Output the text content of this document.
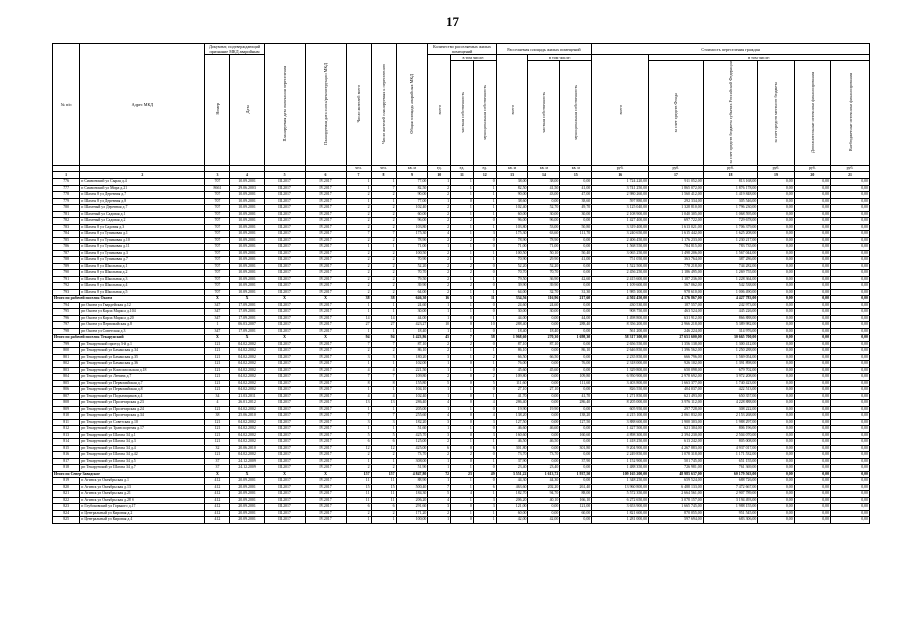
17
№ п/п	Адрес МКД	Документ, подтверждающий признание МКД аварийным		Планируемая дата окончания переселения	Планируемая дата сноса/реконструкции МКД	Число жителей всего	Число жителей планируемых к переселению	Общая площадь аварийных МКД	Количество расселяемых жилых помещений			Расселяемая площадь жилых помещений			Стоимость переселения граждан					
		Номер	Дата						всего	в том числе:		всего	в том числе:		всего	в том числе:				
										частная собственность	муниципальная собственность		частная собственность	муниципальная собственность		за счет средств Фонда	за счет средств бюджета субъекта Российской Федерации	за счет средств местного бюджета	Дополнительные источники финансирования	Внебюджетные источники финансирования
						чел.	чел.	кв. м	ед.	ед.	ед.	кв. м	кв. м	кв. м	руб.	руб.	руб.	руб.	руб.	руб.
1	2	3	4	5	6	7	8	9	10	11	12	13	14	15	16	17	18	19	20	21
776	п Сиявонский ул Сырая д.4	707	10.09.2001	III.2017	IV.2017	1	1	77,00	1	1	0	38,00	38,00	0,00	1 724 220,00	911 052,00	813 168,00	0,00	0,00	0,00
777	п Сиявонский ул Мира д.21	8661	29.06.2003	III.2017	IV.2017	1	7	82,50	2	1	1	82,50	41,50	41,00	3 741 250,00	1 865 072,00	1 876 178,00	0,00	0,00	0,00
778	п Шахты 8 ул Деревная д.7	707	10.09.2001	III.2017	IV.2017	2	2	90,00	2	1	1	90,00	43,00	47,00	2 980 260,00	1 560 412,00	1 419 848,00	0,00	0,00	0,00
779	п Шахты 8 ул Деревная д.8	707	10.09.2001	III.2017	IV.2017	1	1	77,00	1	0	1	38,60	0,00	38,60	597 880,00	292 334,00	305 546,00	0,00	0,00	0,00
780	п Шахтный ул Деревная д.7	707	10.09.2001	III.2017	IV.2017	2	2	102,40	2	1	1	102,40	52,70	49,70	3 125 040,00	1 328 810,00	1 796 230,00	0,00	0,00	0,00
781	п Шахтный ул Садовая д.1	707	10.09.2001	III.2017	IV.2017	2	2	60,00	2	1	1	60,00	30,00	30,00	2 108 900,00	1 040 305,00	1 068 595,00	0,00	0,00	0,00
782	п Шахтный ул Садовая д.2	707	10.09.2001	III.2017	IV.2017	2	2	96,00	2	2	0	96,00	96,00	0,00	1 427 400,00	697 722,00	729 678,00	0,00	0,00	0,00
783	п Шахты 8 ул Садовая д.3	707	10.09.2001	III.2017	IV.2017	2	2	103,80	2	1	1	103,80	53,00	50,80	3 319 400,00	1 613 021,00	1 706 379,00	0,00	0,00	0,00
784	п Шахты 8 ул Тупиковая д.1	707	10.09.2001	III.2017	IV.2017	7	7	175,30	4	1	3	175,30	63,60	111,70	3 240 650,00	1 615 442,00	1 625 208,00	0,00	0,00	0,00
785	п Шахты 8 ул Тупиковая д.10	707	10.09.2001	III.2017	IV.2017	2	2	78,90	2	2	0	78,90	78,90	0,00	2 406 450,00	1 176 233,00	1 230 217,00	0,00	0,00	0,00
786	п Шахты 8 ул Тупиковая д.11	707	10.09.2001	III.2017	IV.2017	1	1	71,00	1	1	0	71,00	71,00	0,00	1 568 550,00	784 815,00	783 735,00	0,00	0,00	0,00
787	п Шахты 8 ул Тупиковая д.3	707	10.09.2001	III.2017	IV.2017	2	2	100,50	2	1	1	100,50	50,10	50,40	3 065 250,00	1 498 206,00	1 567 044,00	0,00	0,00	0,00
788	п Шахты 8 ул Тупиковая д.7	707	10.09.2001	III.2017	IV.2017	2	2	70,90	2	1	1	70,90	29,90	41,00	751 050,00	363 764,00	387 286,00	0,00	0,00	0,00
789	п Шахты 8 ул Школьная д.1	707	10.09.2001	III.2017	IV.2017	2	2	52,20	2	2	0	52,20	52,20	0,00	1 522 500,00	778 218,00	744 282,00	0,00	0,00	0,00
790	п Шахты 8 ул Школьная д.2	707	10.09.2001	III.2017	IV.2017	2	2	70,70	2	2	0	70,70	70,70	0,00	2 456 250,00	1 186 495,00	1 269 755,00	0,00	0,00	0,00
791	п Шахты 8 ул Школьная д.3	707	10.09.2001	III.2017	IV.2017	2	2	79,50	2	1	1	79,50	36,90	42,60	2 415 600,00	1 187 236,00	1 228 364,00	0,00	0,00	0,00
792	п Шахты 8 ул Школьная д.4	707	10.09.2001	III.2017	IV.2017	2	2	39,90	2	2	0	39,90	39,90	0,00	1 109 600,00	567 062,00	542 538,00	0,00	0,00	0,00
793	п Шахты 8 ул Школьная д.5	707	10.09.2001	III.2017	IV.2017	2	2	64,00	2	1	1	64,00	32,70	31,30	1 985 100,00	978 610,00	1 006 490,00	0,00	0,00	0,00
Итого по рабочей поселок Окоем		X	X	X	X	38	38	646,30	16	5	11	334,56	116,96	217,60	4 502 450,00	4 176 867,00	4 427 783,00	0,00	0,00	0,00
794	рп Окоем ул Гвардейская д.12	347	17.09.2001	III.2017	IV.2017	1	1	24,60	1	1	0	24,60	24,60	0,00	430 530,00	187 557,00	242 973,00	0,00	0,00	0,00
795	рп Окоем ул Карла Маркса д.104	347	17.09.2001	III.2017	IV.2017	1	1	30,00	1	1	0	30,00	30,00	0,00	908 750,00	463 524,00	445 226,00	0,00	0,00	0,00
796	рп Окоем ул Карла Маркса д.20	347	17.09.2001	III.2017	IV.2017	14	14	44,00	1	0	1	44,00	0,00	44,00	1 498 800,00	631 912,00	866 888,00	0,00	0,00	0,00
797	рп Окоем ул Первомайская д.8	1	06.03.2007	III.2017	IV.2017	27	27	423,27	10	0	10	288,40	0,00	288,40	8 356 200,00	2 966 218,00	5 389 982,00	0,00	0,00	0,00
798	рп Окоем ул Советская д.3	347	17.09.2001	III.2017	IV.2017	1	1	18,40	1	1	0	18,40	18,40	0,00	561 200,00	246 224,00	314 976,00	0,00	0,00	0,00
Итого по рабочей поселок Текарунский		X	X	X	X	94	94	1 423,86	45	7	38	1 968,60	270,30	1 698,30	58 317 300,00	27 651 600,00	30 665 700,00	0,00	0,00	0,00
799	рп Текарунский проезд 3-й д.1	121	04.02.2002	III.2017	IV.2017	7	7	87,10	2	2	0	87,10	87,10	0,00	2 656 550,00	1 356 138,00	1 300 412,00	0,00	0,00	0,00
800	рп Текарунский ул Бамакская д.34	121	04.02.2002	III.2017	IV.2017	2	2	86,10	2	1	1	86,10	0,00	86,10	2 646 850,00	1 396 562,00	1 250 288,00	0,00	0,00	0,00
801	рп Текарунский ул Бамакская д.35	121	04.02.2002	III.2017	IV.2017	3	3	180,20	3	1	2	66,50	66,50	0,00	2 235 850,00	666 796,00	1 569 054,00	0,00	0,00	0,00
802	рп Текарунский ул Бамакская д.36	121	04.02.2002	III.2017	IV.2017	1	1	102,00	1	0	1	76,00	0,00	76,00	2 318 000,00	926 102,00	1 391 898,00	0,00	0,00	0,00
803	рп Текарунский ул Комсомольская д.18	121	04.02.2002	III.2017	IV.2017	4	4	221,50	1	1	0	45,60	45,60	0,00	1 329 800,00	650 098,00	679 702,00	0,00	0,00	0,00
804	рп Текарунский ул Ленина д.7	121	04.02.2002	III.2017	IV.2017	7	7	109,80	2	0	2	109,80	0,00	109,80	6 950 900,00	2 978 692,00	3 972 208,00	0,00	0,00	0,00
805	рп Текарунский ул Первомайская д.7	121	04.02.2002	III.2017	IV.2017	8	8	155,80	5	0	5	111,60	0,00	111,60	3 403 800,00	1 663 377,00	1 740 423,00	0,00	0,00	0,00
806	рп Текарунский ул Первомайская д.8	121	04.02.2002	III.2017	IV.2017	1	1	104,10	1	1	0	27,10	27,10	0,00	826 550,00	404 037,00	422 513,00	0,00	0,00	0,00
807	рп Текарунский ул Подъемщиков д.4	34	21.03.2011	III.2017	IV.2017	4	4	102,40	1	0	1	41,70	0,00	41,70	1 271 850,00	621 493,00	650 357,00	0,00	0,00	0,00
808	рп Текарунский ул Пролетарская д.23	4	26.01.2012	III.2017	IV.2017	13	13	286,40	4	0	4	286,40	0,00	286,40	8 205 000,00	3 976 112,00	4 228 888,00	0,00	0,00	0,00
809	рп Текарунский ул Пролетарская д.24	121	04.02.2002	III.2017	IV.2017	1	1	205,00	1	1	0	19,90	19,90	0,00	605 950,00	297 728,00	308 222,00	0,00	0,00	0,00
810	рп Текарунский ул Пролетарская д.34	38	25.06.2010	III.2017	IV.2017	7	7	255,60	4	0	4	138,20	0,00	138,20	4 215 100,00	2 061 832,00	2 153 268,00	0,00	0,00	0,00
811	рп Текарунский ул Советская д.10	121	04.02.2002	III.2017	IV.2017	3	3	182,20	3	0	3	127,50	0,00	127,50	3 888 600,00	1 900 303,00	1 988 297,00	0,00	0,00	0,00
812	рп Текарунский ул Транспортная д.17	121	04.02.2002	III.2017	IV.2017	1	1	51,60	1	1	0	46,60	46,60	0,00	1 427 500,00	621 304,00	806 196,00	0,00	0,00	0,00
813	рп Текарунский ул Шахты 34 д.1	121	04.02.2002	III.2017	IV.2017	5	5	425,70	3	0	3	160,60	0,00	160,60	4 898 300,00	2 394 230,00	2 504 070,00	0,00	0,00	0,00
814	рп Текарунский ул Шахты 34 д.3	121	04.02.2002	III.2017	IV.2017	6	6	125,00	2	1	1	46,50	46,50	0,00	1 418 250,00	613 242,00	805 008,00	0,00	0,00	0,00
815	рп Текарунский ул Шахты 34 д.4	32	20.06.2010	III.2017	IV.2017	12	12	425,00	6	0	6	301,80	0,00	301,80	9 204 900,00	4 267 883,00	4 937 017,00	0,00	0,00	0,00
816	рп Текарунский ул Шахты 34 д.42	121	04.02.2002	III.2017	IV.2017	2	2	73,70	2	2	0	73,70	73,70	0,00	2 249 850,00	1 078 318,00	1 171 532,00	0,00	0,00	0,00
817	рп Текарунский ул Шахты 34 д.5	37	24.12.2009	III.2017	IV.2017	1	1	308,00	1	0	1	37,90	0,00	37,90	1 152 900,00	501 745,00	651 155,00	0,00	0,00	0,00
818	рп Текарунский ул Шахты 34 д.7	37	24.12.2009	III.2017	IV.2017	2	2	51,90	1	1	0	23,40	23,40	0,00	1 488 350,00	726 981,00	761 369,00	0,00	0,00	0,00
Итого по Север-Заводское		X	X	X	X	157	157	4 847,80	72	23	49	3 551,22	1 613,72	1 937,50	109 165 200,00	48 985 637,00	60 179 563,00	0,00	0,00	0,00
819	п Агинск ул Октябрьская д.1	412	20.09.2001	III.2017	IV.2017	11	11	88,90	1	1	0	44,30	44,30	0,00	1 348 250,00	659 524,00	688 726,00	0,00	0,00	0,00
820	п Агинск ул Октябрьская д.13	412	20.09.2001	III.2017	IV.2017	15	15	500,40	7	1	6	463,60	202,20	261,40	13 960 800,00	6 488 133,00	7 472 667,00	0,00	0,00	0,00
821	п Агинск ул Октябрьская д.21	412	20.09.2001	III.2017	IV.2017	11	11	184,30	5	4	1	182,70	94,70	88,00	5 572 350,00	2 664 561,00	2 907 789,00	0,00	0,00	0,00
822	п Агинск ул Октябрьская д.28 б	412	20.09.2001	III.2017	IV.2017	11	11	206,20	4	1	3	206,20	40,10	166,10	6 272 650,00	3 078 157,00	3 194 493,00	0,00	0,00	0,00
823	п Глубоковский ул Горького д.17	412	20.09.2001	III.2017	IV.2017	6	6	291,60	3	0	3	121,00	0,00	121,00	3 653 900,00	1 665 745,00	1 988 155,00	0,00	0,00	0,00
824	п Центральный ул Кировая д.2	412	20.09.2001	III.2017	IV.2017	2	2	171,20	2	1	1	60,00	0,00	60,00	1 821 600,00	870 055,00	951 545,00	0,00	0,00	0,00
825	п Центральный ул Кировая д.4	412	20.09.2001	III.2017	IV.2017	1	1	100,00	1	0	1	42,00	42,00	0,00	1 281 000,00	597 694,00	683 306,00	0,00	0,00	0,00
